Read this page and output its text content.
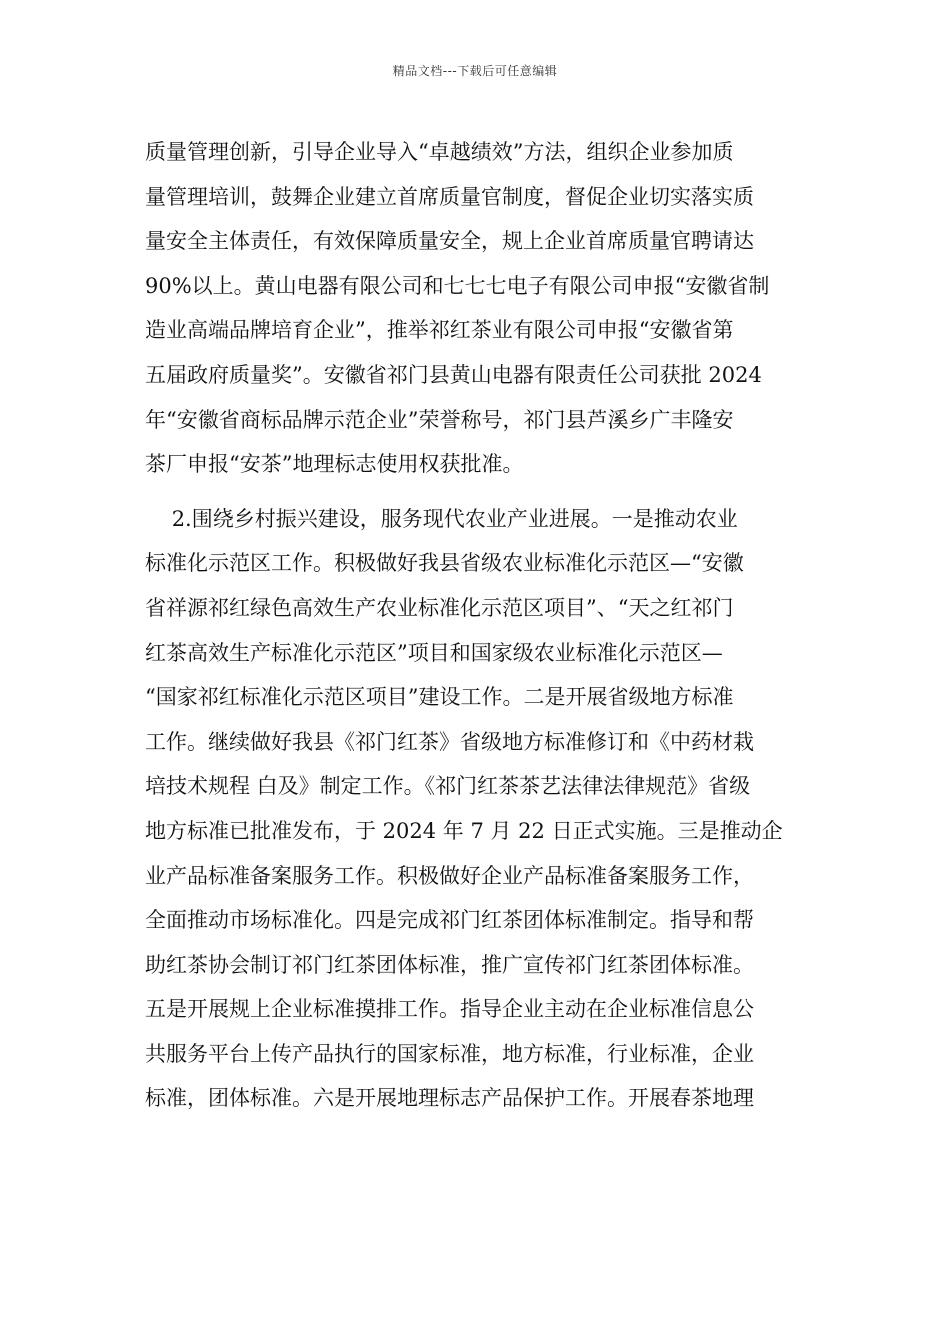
精品文档---下载后可任意编辑
质量管理创新，引导企业导入“卓越绩效”方法，组织企业参加质
量管理培训，鼓舞企业建立首席质量官制度，督促企业切实落实质
量安全主体责任，有效保障质量安全，规上企业首席质量官聘请达
90%以上。黄山电器有限公司和七七七电子有限公司申报“安徽省制
造业高端品牌培育企业”，推举祁红茶业有限公司申报“安徽省第
五届政府质量奖”。安徽省祁门县黄山电器有限责任公司获批 2024
年“安徽省商标品牌示范企业”荣誉称号，祁门县芦溪乡广丰隆安
茶厂申报“安茶”地理标志使用权获批准。
2.围绕乡村振兴建设，服务现代农业产业进展。一是推动农业
标准化示范区工作。积极做好我县省级农业标准化示范区—“安徽
省祥源祁红绿色高效生产农业标准化示范区项目”、“天之红祁门
红茶高效生产标准化示范区”项目和国家级农业标准化示范区—
“国家祁红标准化示范区项目”建设工作。二是开展省级地方标准
工作。继续做好我县《祁门红茶》省级地方标准修订和《中药材栽
培技术规程 白及》制定工作。《祁门红茶茶艺法律法律规范》省级
地方标准已批准发布，于 2024 年 7 月 22 日正式实施。三是推动企
业产品标准备案服务工作。积极做好企业产品标准备案服务工作，
全面推动市场标准化。四是完成祁门红茶团体标准制定。指导和帮
助红茶协会制订祁门红茶团体标准，推广宣传祁门红茶团体标准。
五是开展规上企业标准摸排工作。指导企业主动在企业标准信息公
共服务平台上传产品执行的国家标准，地方标准，行业标准，企业
标准，团体标准。六是开展地理标志产品保护工作。开展春茶地理
